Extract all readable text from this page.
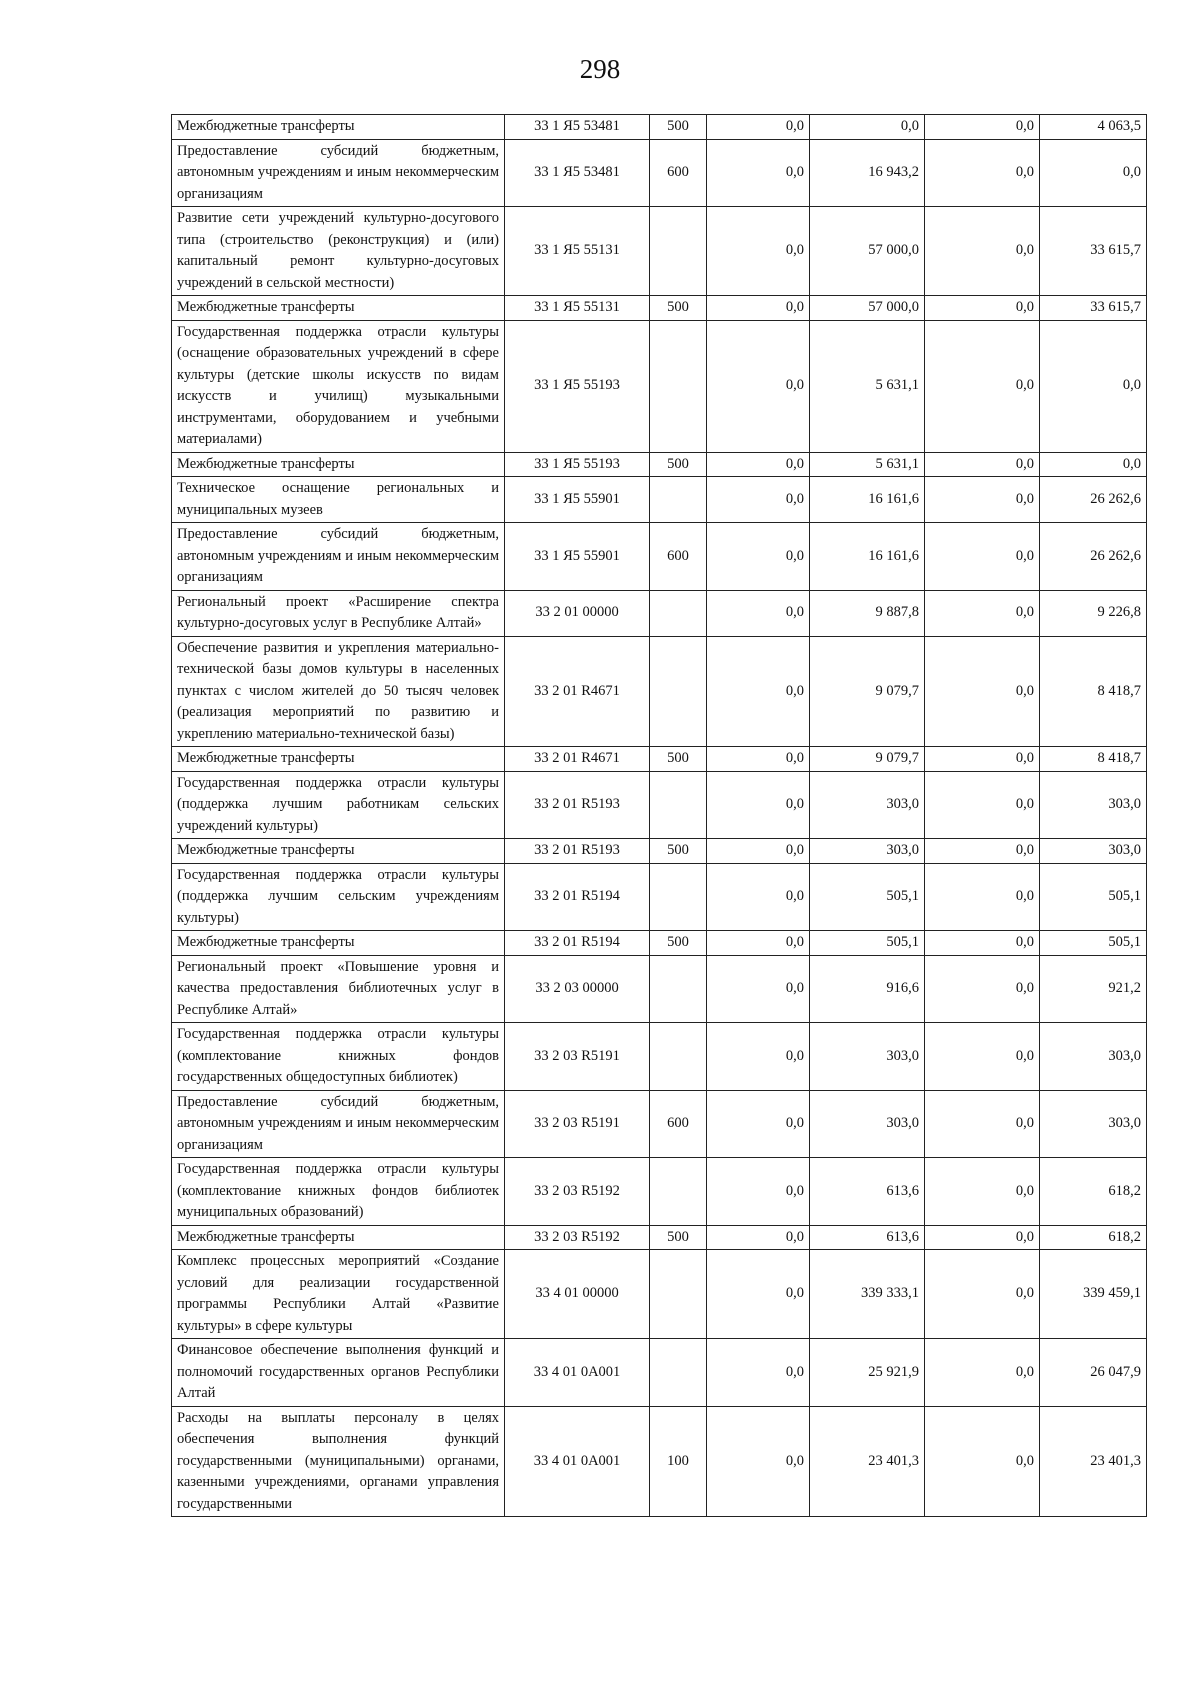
298
Межбюджетные трансферты	33 1 Я5 53481	500	0,0	0,0	0,0	4 063,5
Предоставление субсидий бюджетным, автономным учреждениям и иным некоммерческим организациям	33 1 Я5 53481	600	0,0	16 943,2	0,0	0,0
Развитие сети учреждений культурно-досугового типа (строительство (реконструкция) и (или) капитальный ремонт культурно-досуговых учреждений в сельской местности)	33 1 Я5 55131		0,0	57 000,0	0,0	33 615,7
Межбюджетные трансферты	33 1 Я5 55131	500	0,0	57 000,0	0,0	33 615,7
Государственная поддержка отрасли культуры (оснащение образовательных учреждений в сфере культуры (детские школы искусств по видам искусств и училищ) музыкальными инструментами, оборудованием и учебными материалами)	33 1 Я5 55193		0,0	5 631,1	0,0	0,0
Межбюджетные трансферты	33 1 Я5 55193	500	0,0	5 631,1	0,0	0,0
Техническое оснащение региональных и муниципальных музеев	33 1 Я5 55901		0,0	16 161,6	0,0	26 262,6
Предоставление субсидий бюджетным, автономным учреждениям и иным некоммерческим организациям	33 1 Я5 55901	600	0,0	16 161,6	0,0	26 262,6
Региональный проект «Расширение спектра культурно-досуговых услуг в Республике Алтай»	33 2 01 00000		0,0	9 887,8	0,0	9 226,8
Обеспечение развития и укрепления материально-технической базы домов культуры в населенных пунктах с числом жителей до 50 тысяч человек (реализация мероприятий по развитию и укреплению материально-технической базы)	33 2 01 R4671		0,0	9 079,7	0,0	8 418,7
Межбюджетные трансферты	33 2 01 R4671	500	0,0	9 079,7	0,0	8 418,7
Государственная поддержка отрасли культуры (поддержка лучшим работникам сельских учреждений культуры)	33 2 01 R5193		0,0	303,0	0,0	303,0
Межбюджетные трансферты	33 2 01 R5193	500	0,0	303,0	0,0	303,0
Государственная поддержка отрасли культуры (поддержка лучшим сельским учреждениям культуры)	33 2 01 R5194		0,0	505,1	0,0	505,1
Межбюджетные трансферты	33 2 01 R5194	500	0,0	505,1	0,0	505,1
Региональный проект «Повышение уровня и качества предоставления библиотечных услуг в Республике Алтай»	33 2 03 00000		0,0	916,6	0,0	921,2
Государственная поддержка отрасли культуры (комплектование книжных фондов государственных общедоступных библиотек)	33 2 03 R5191		0,0	303,0	0,0	303,0
Предоставление субсидий бюджетным, автономным учреждениям и иным некоммерческим организациям	33 2 03 R5191	600	0,0	303,0	0,0	303,0
Государственная поддержка отрасли культуры (комплектование книжных фондов библиотек муниципальных образований)	33 2 03 R5192		0,0	613,6	0,0	618,2
Межбюджетные трансферты	33 2 03 R5192	500	0,0	613,6	0,0	618,2
Комплекс процессных мероприятий «Создание условий для реализации государственной программы Республики Алтай «Развитие культуры» в сфере культуры	33 4 01 00000		0,0	339 333,1	0,0	339 459,1
Финансовое обеспечение выполнения функций и полномочий государственных органов Республики Алтай	33 4 01 0А001		0,0	25 921,9	0,0	26 047,9
Расходы на выплаты персоналу в целях обеспечения выполнения функций государственными (муниципальными) органами, казенными учреждениями, органами управления государственными	33 4 01 0А001	100	0,0	23 401,3	0,0	23 401,3
